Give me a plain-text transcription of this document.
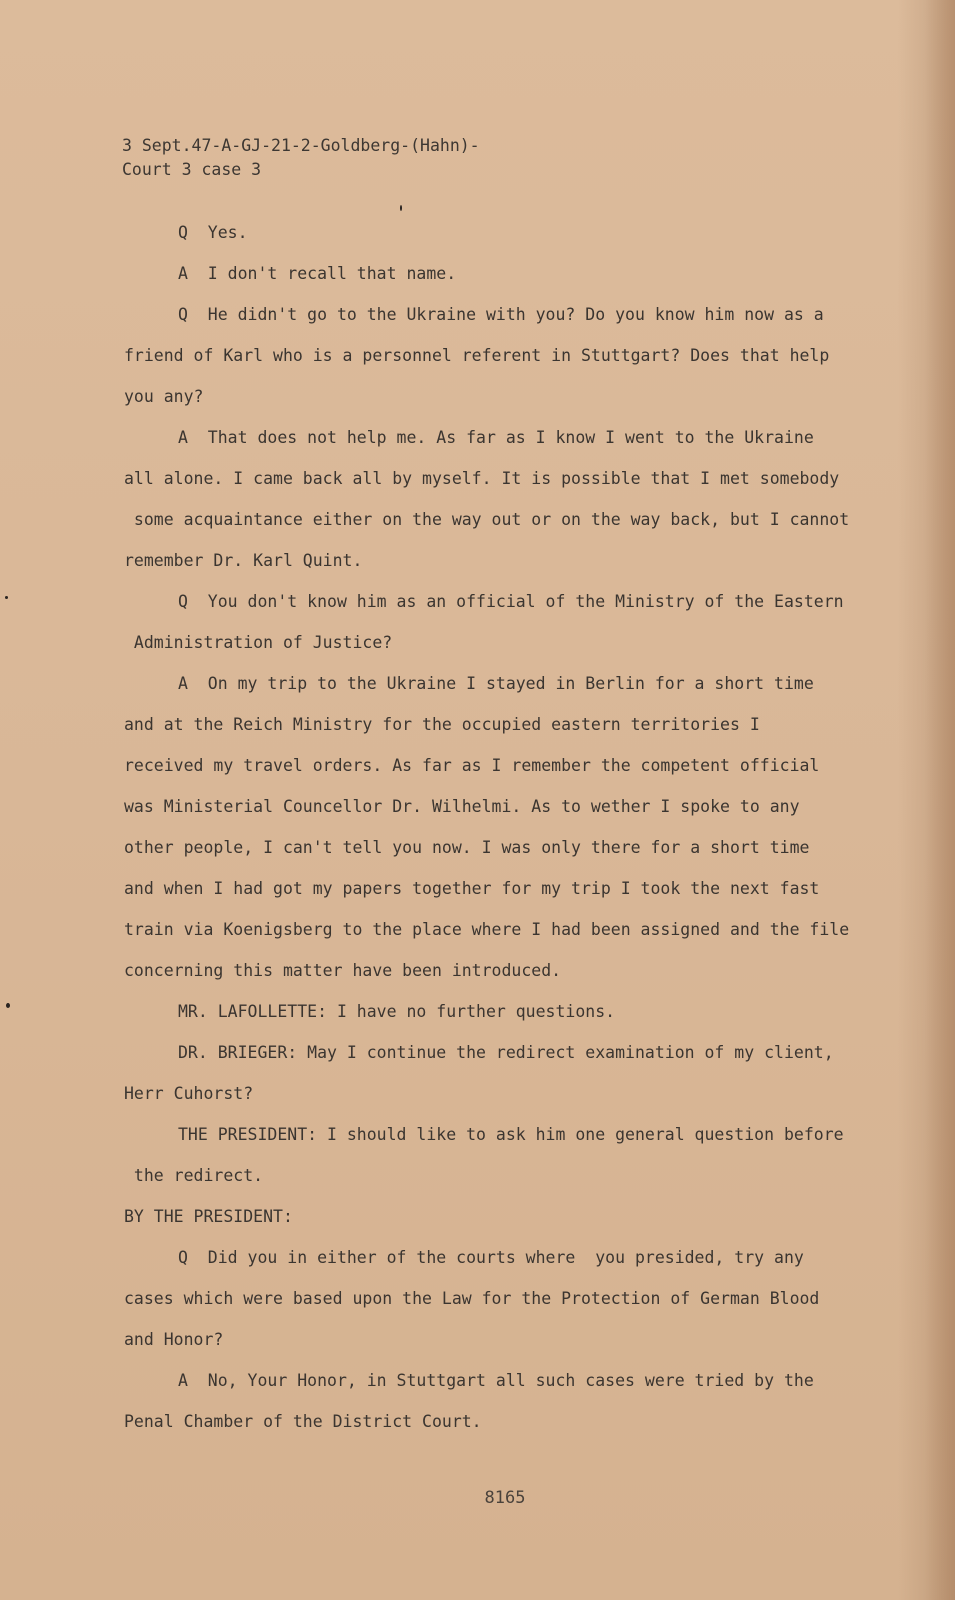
3 Sept.47-A-GJ-21-2-Goldberg-(Hahn)-
Court 3 case 3
Q  Yes.
A  I don't recall that name.
Q  He didn't go to the Ukraine with you? Do you know him now as a
friend of Karl who is a personnel referent in Stuttgart? Does that help
you any?
A  That does not help me. As far as I know I went to the Ukraine
all alone. I came back all by myself. It is possible that I met somebody
some acquaintance either on the way out or on the way back, but I cannot
remember Dr. Karl Quint.
Q  You don't know him as an official of the Ministry of the Eastern
Administration of Justice?
A  On my trip to the Ukraine I stayed in Berlin for a short time
and at the Reich Ministry for the occupied eastern territories I
received my travel orders. As far as I remember the competent official
was Ministerial Councellor Dr. Wilhelmi. As to wether I spoke to any
other people, I can't tell you now. I was only there for a short time
and when I had got my papers together for my trip I took the next fast
train via Koenigsberg to the place where I had been assigned and the file
concerning this matter have been introduced.
MR. LAFOLLETTE: I have no further questions.
DR. BRIEGER: May I continue the redirect examination of my client,
Herr Cuhorst?
THE PRESIDENT: I should like to ask him one general question before
the redirect.
BY THE PRESIDENT:
Q  Did you in either of the courts where  you presided, try any
cases which were based upon the Law for the Protection of German Blood
and Honor?
A  No, Your Honor, in Stuttgart all such cases were tried by the
Penal Chamber of the District Court.
8165
